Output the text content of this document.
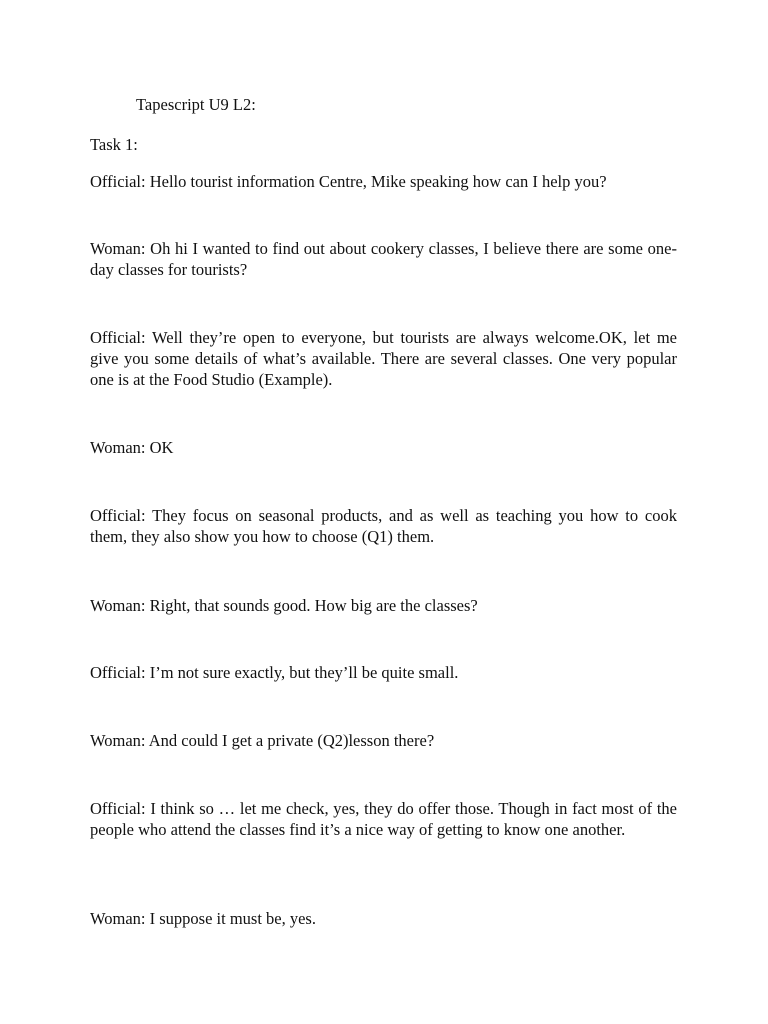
Tapescript U9 L2:

Task 1:

Official: Hello tourist information Centre, Mike speaking how can I help you?

Woman: Oh hi I wanted to find out about cookery classes, I believe there are some one-day classes for tourists?

Official: Well they’re open to everyone, but tourists are always welcome.OK, let me give you some details of what’s available. There are several classes. One very popular one is at the Food Studio (Example).

Woman: OK

Official: They focus on seasonal products, and as well as teaching you how to cook them, they also show you how to choose (Q1) them.

Woman: Right, that sounds good. How big are the classes?

Official: I’m not sure exactly, but they’ll be quite small.

Woman: And could I get a private (Q2)lesson there?

Official: I think so … let me check, yes, they do offer those. Though in fact most of the people who attend the classes find it’s a nice way of getting to know one another.

Woman: I suppose it must be, yes.
